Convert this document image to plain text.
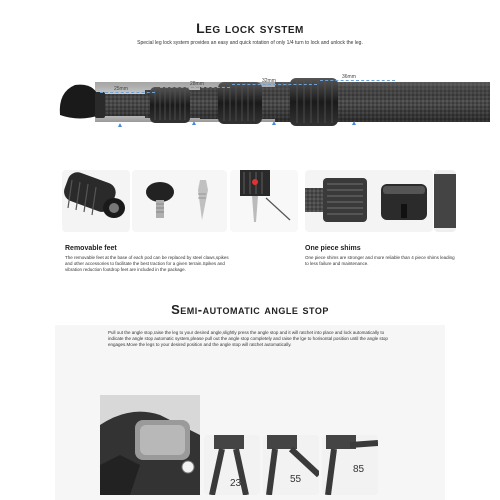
Leg lock system
Special leg lock system provides an easy and quick rotation of only 1/4 turn to lock and unlock the leg.
25mm
28mm	32mm
36mm
Removable feet
The removable feet at the base of each pod can be replaced by steel claws,spikes and other accessories to facilitate the best traction for a given terrain.Spikes and vibration reduction footdrop feet are included in the package.
One piece shims
One piece shims are stronger and more reliable than 4 piece shims leading to less failure and maintenance.
Semi-automatic angle stop
Pull out the angle stop,raise the leg to your desired angle,slightly press the angle stop and it will ratchet into place and lock automatically to indicate the angle stop automatic system,please pull out the angle stop completely and raise the lge to horisontal position until the angle stop engages.Move the legs to your desired position and the angle stop will ratchet automatically.
23	55
85
